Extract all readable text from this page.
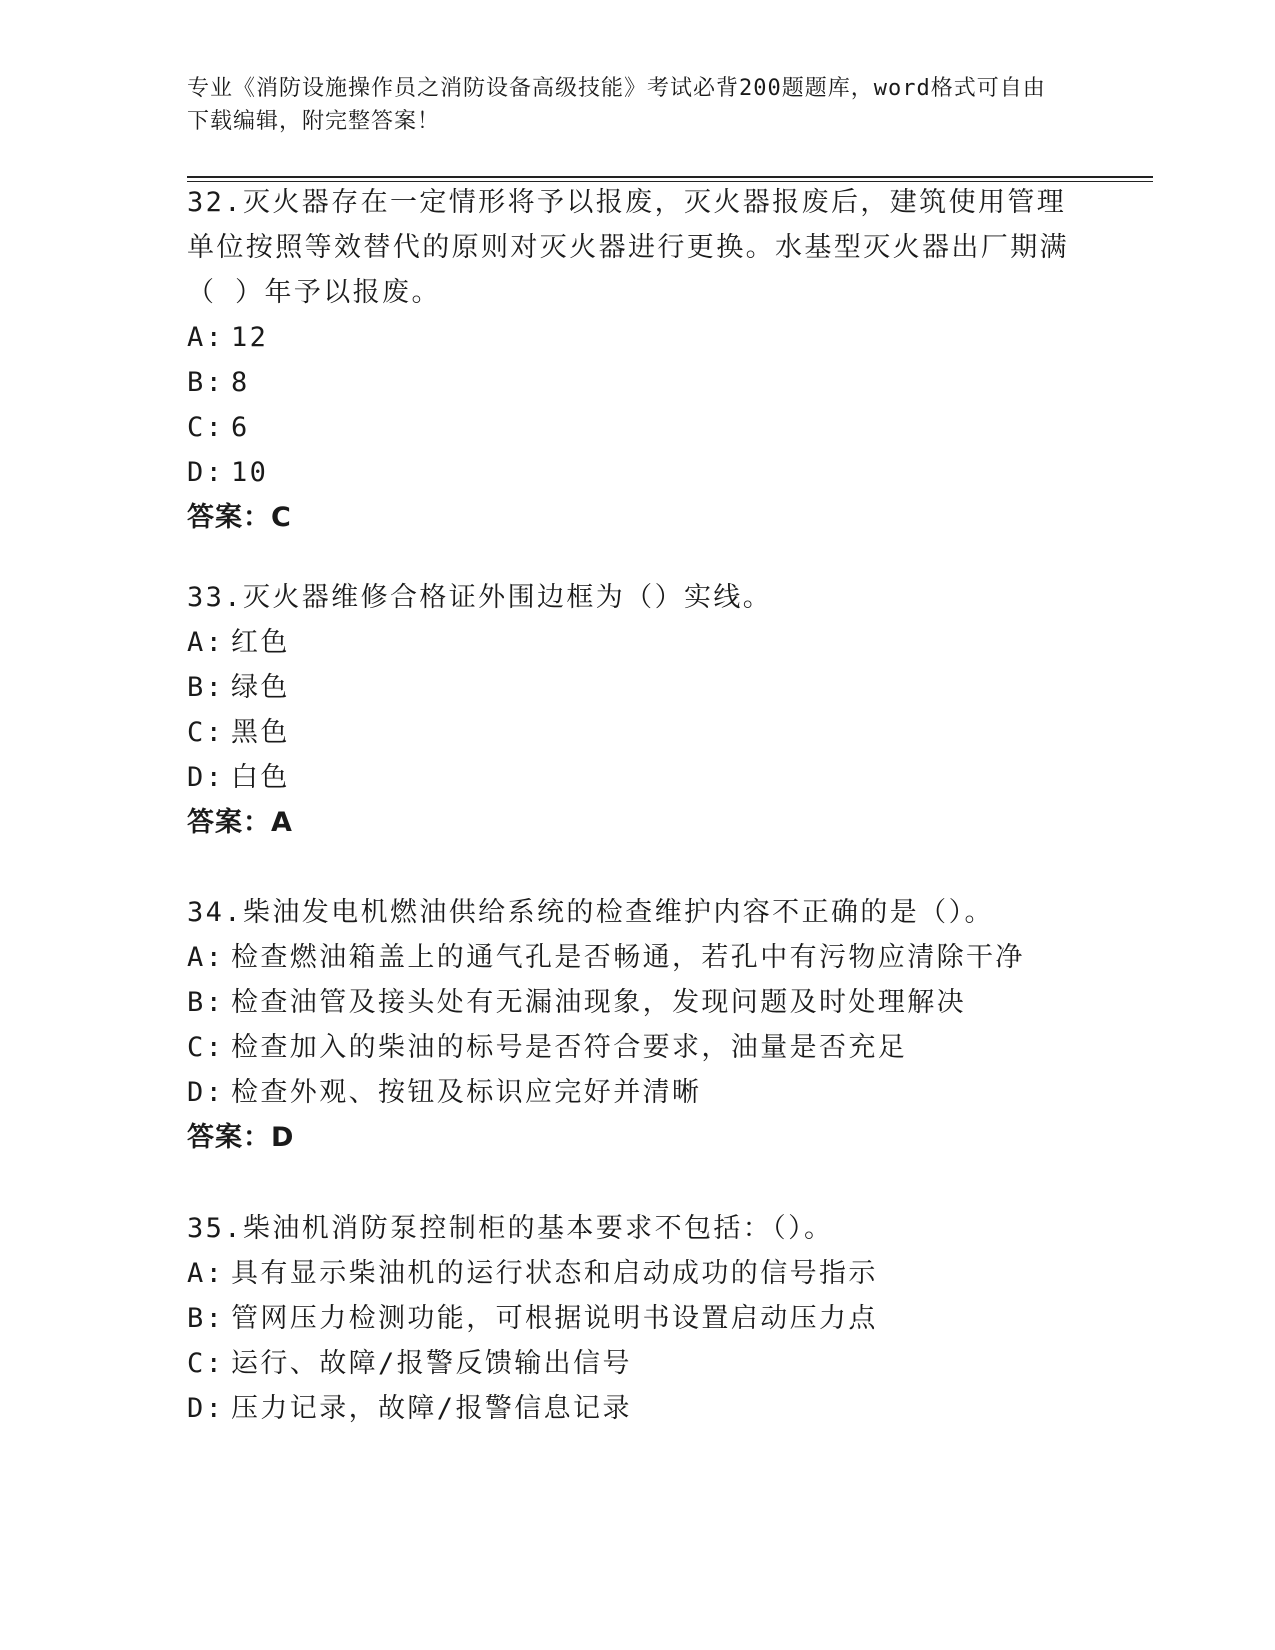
专业《消防设施操作员之消防设备高级技能》考试必背200题题库，word格式可自由下载编辑，附完整答案！

32.灭火器存在一定情形将予以报废，灭火器报废后，建筑使用管理单位按照等效替代的原则对灭火器进行更换。水基型灭火器出厂期满（ ）年予以报废。

A: 12

B: 8

C: 6

D: 10

答案：C

33.灭火器维修合格证外围边框为（）实线。

A: 红色

B: 绿色

C: 黑色

D: 白色

答案：A

34.柴油发电机燃油供给系统的检查维护内容不正确的是（）。

A: 检查燃油箱盖上的通气孔是否畅通，若孔中有污物应清除干净

B: 检查油管及接头处有无漏油现象，发现问题及时处理解决

C: 检查加入的柴油的标号是否符合要求，油量是否充足

D: 检查外观、按钮及标识应完好并清晰

答案：D

35.柴油机消防泵控制柜的基本要求不包括：（）。

A: 具有显示柴油机的运行状态和启动成功的信号指示

B: 管网压力检测功能，可根据说明书设置启动压力点

C: 运行、故障/报警反馈输出信号

D: 压力记录，故障/报警信息记录
